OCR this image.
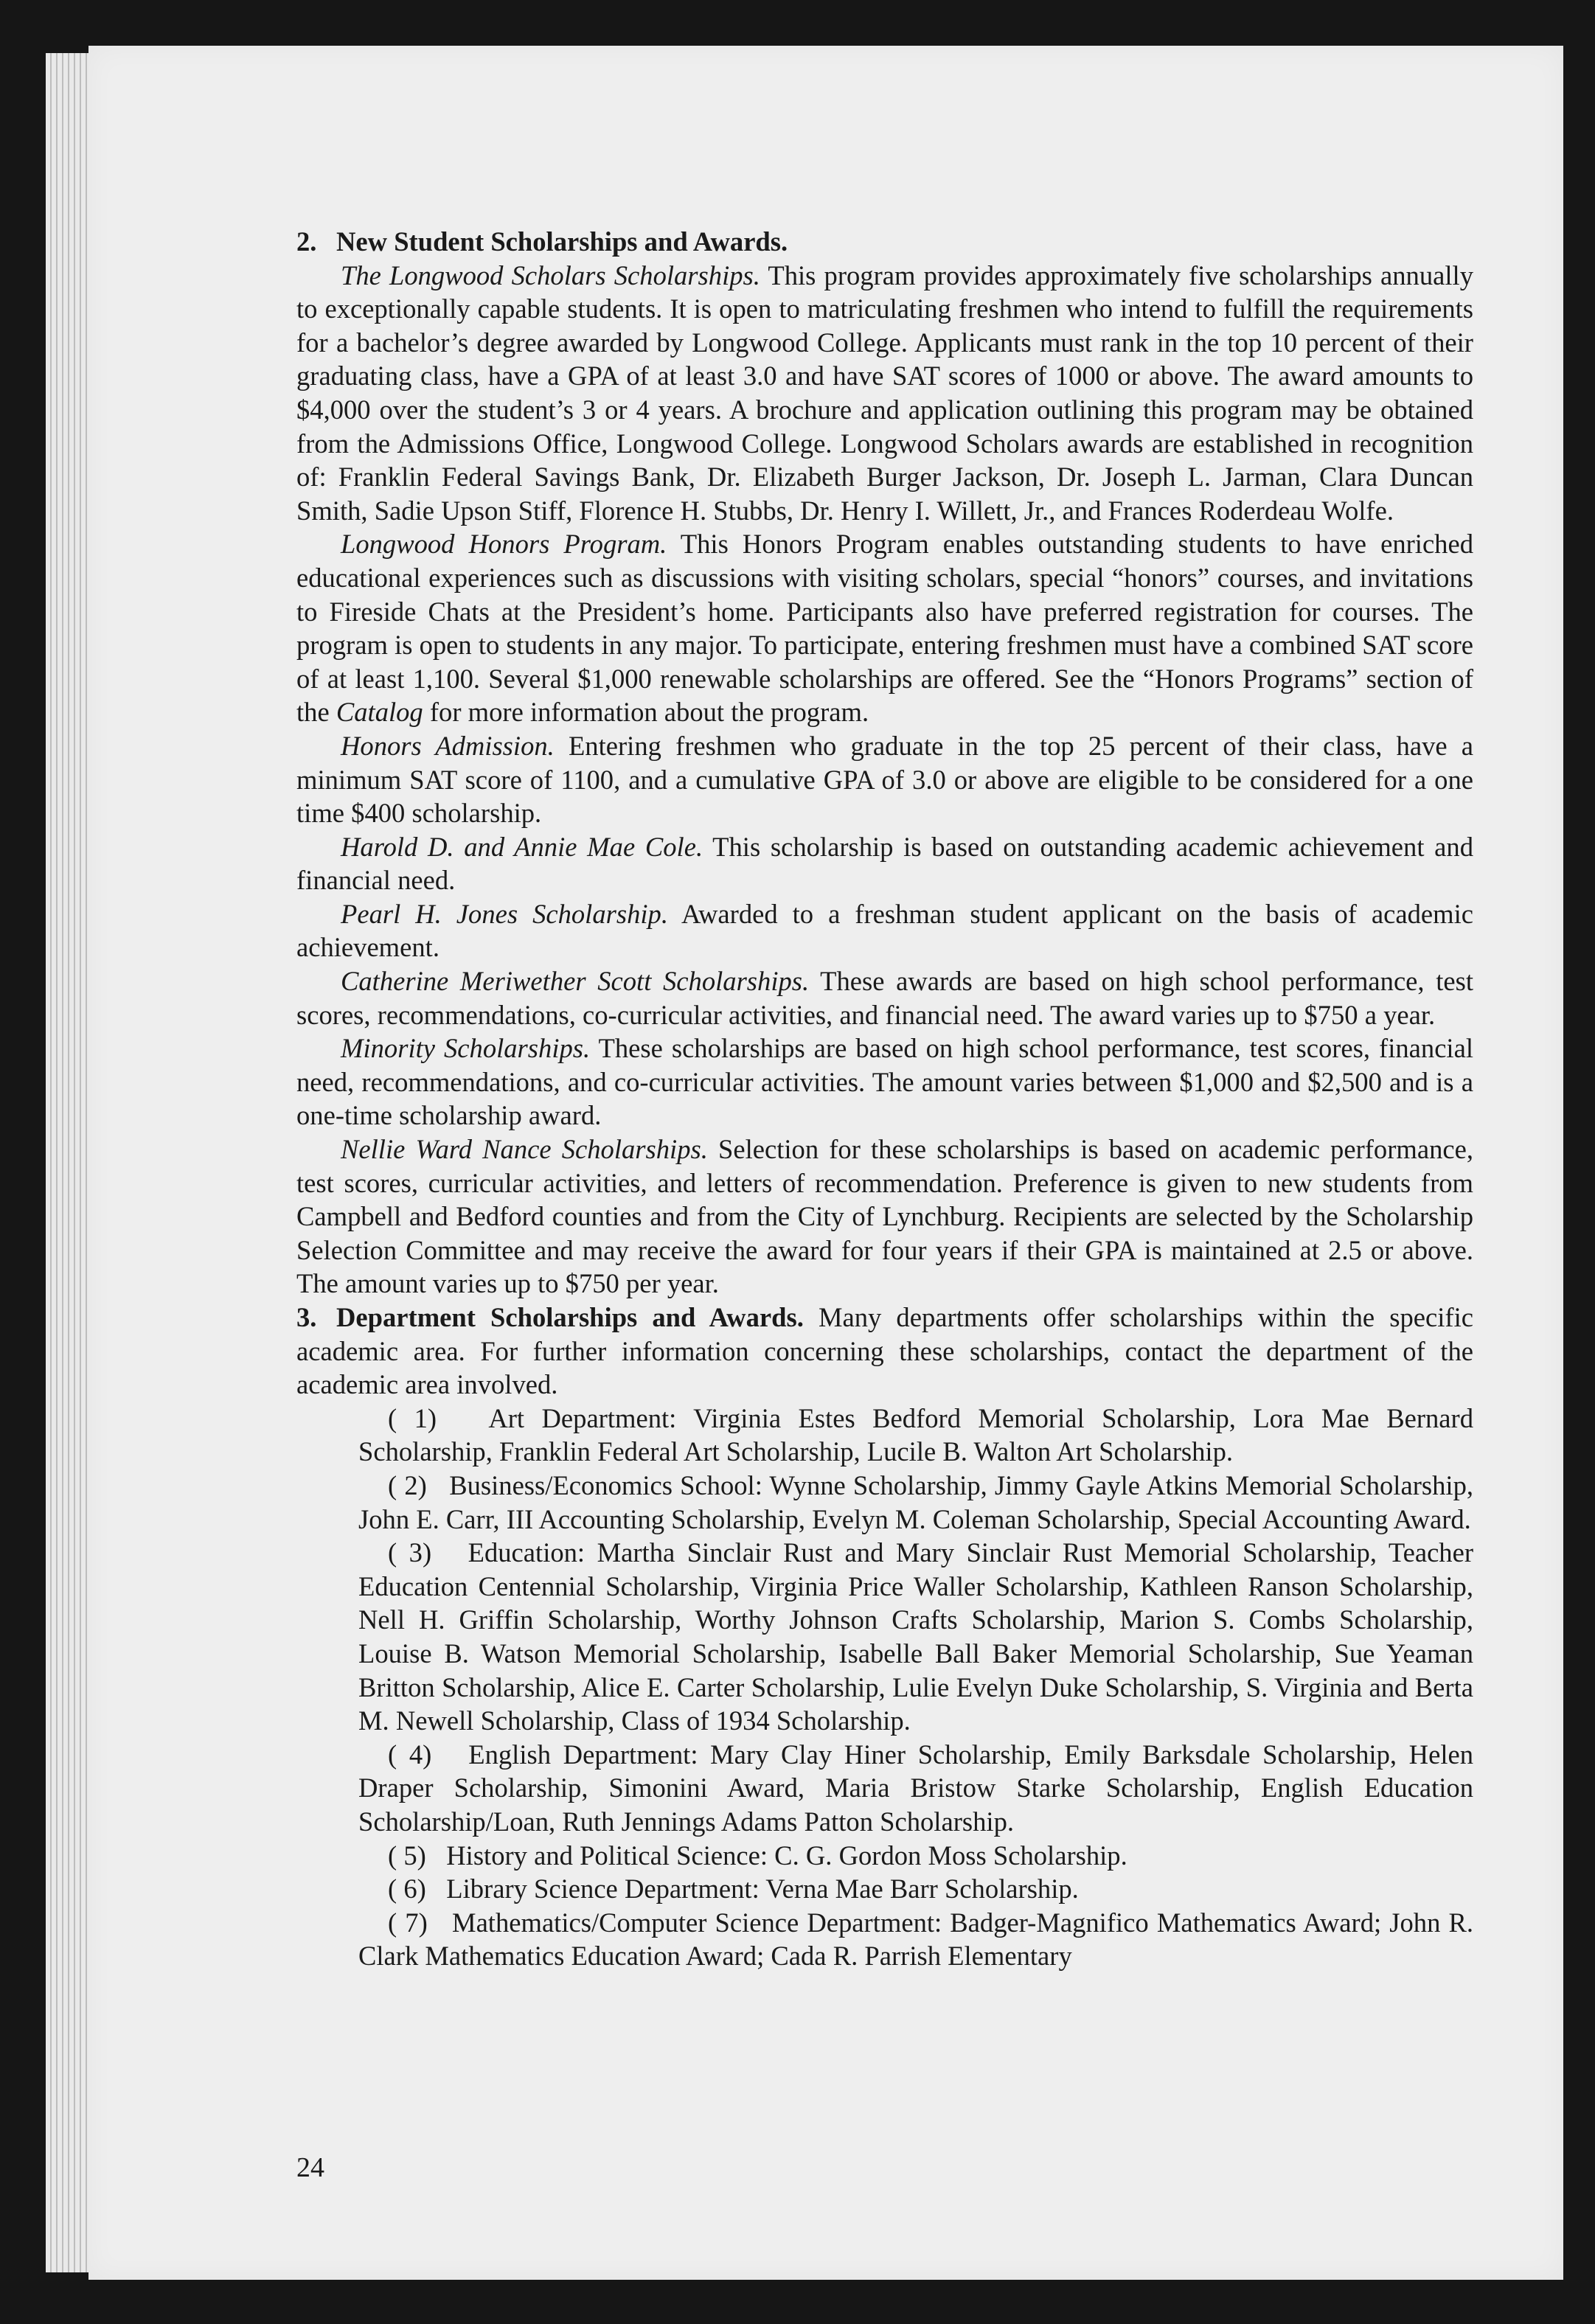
2. New Student Scholarships and Awards.

The Longwood Scholars Scholarships. This program provides approximately five scholarships annually to exceptionally capable students. It is open to matriculating freshmen who intend to fulfill the requirements for a bachelor’s degree awarded by Longwood College. Applicants must rank in the top 10 percent of their graduating class, have a GPA of at least 3.0 and have SAT scores of 1000 or above. The award amounts to $4,000 over the student’s 3 or 4 years. A brochure and application outlining this program may be obtained from the Admissions Office, Longwood College. Longwood Scholars awards are established in recognition of: Franklin Federal Savings Bank, Dr. Elizabeth Burger Jackson, Dr. Joseph L. Jarman, Clara Duncan Smith, Sadie Upson Stiff, Florence H. Stubbs, Dr. Henry I. Willett, Jr., and Frances Roderdeau Wolfe.

Longwood Honors Program. This Honors Program enables outstanding students to have enriched educational experiences such as discussions with visiting scholars, special “honors” courses, and invitations to Fireside Chats at the President’s home. Participants also have preferred registration for courses. The program is open to students in any major. To participate, entering freshmen must have a combined SAT score of at least 1,100. Several $1,000 renewable scholarships are offered. See the “Honors Programs” section of the Catalog for more information about the program.

Honors Admission. Entering freshmen who graduate in the top 25 percent of their class, have a minimum SAT score of 1100, and a cumulative GPA of 3.0 or above are eligible to be considered for a one time $400 scholarship.

Harold D. and Annie Mae Cole. This scholarship is based on outstanding academic achievement and financial need.

Pearl H. Jones Scholarship. Awarded to a freshman student applicant on the basis of academic achievement.

Catherine Meriwether Scott Scholarships. These awards are based on high school performance, test scores, recommendations, co-curricular activities, and financial need. The award varies up to $750 a year.

Minority Scholarships. These scholarships are based on high school performance, test scores, financial need, recommendations, and co-curricular activities. The amount varies between $1,000 and $2,500 and is a one-time scholarship award.

Nellie Ward Nance Scholarships. Selection for these scholarships is based on academic performance, test scores, curricular activities, and letters of recommendation. Preference is given to new students from Campbell and Bedford counties and from the City of Lynchburg. Recipients are selected by the Scholarship Selection Committee and may receive the award for four years if their GPA is maintained at 2.5 or above. The amount varies up to $750 per year.

3. Department Scholarships and Awards. Many departments offer scholarships within the specific academic area. For further information concerning these scholarships, contact the department of the academic area involved.

( 1) Art Department: Virginia Estes Bedford Memorial Scholarship, Lora Mae Bernard Scholarship, Franklin Federal Art Scholarship, Lucile B. Walton Art Scholarship.

( 2) Business/Economics School: Wynne Scholarship, Jimmy Gayle Atkins Memorial Scholarship, John E. Carr, III Accounting Scholarship, Evelyn M. Coleman Scholarship, Special Accounting Award.

( 3) Education: Martha Sinclair Rust and Mary Sinclair Rust Memorial Scholarship, Teacher Education Centennial Scholarship, Virginia Price Waller Scholarship, Kathleen Ranson Scholarship, Nell H. Griffin Scholarship, Worthy Johnson Crafts Scholarship, Marion S. Combs Scholarship, Louise B. Watson Memorial Scholarship, Isabelle Ball Baker Memorial Scholarship, Sue Yeaman Britton Scholarship, Alice E. Carter Scholarship, Lulie Evelyn Duke Scholarship, S. Virginia and Berta M. Newell Scholarship, Class of 1934 Scholarship.

( 4) English Department: Mary Clay Hiner Scholarship, Emily Barksdale Scholarship, Helen Draper Scholarship, Simonini Award, Maria Bristow Starke Scholarship, English Education Scholarship/Loan, Ruth Jennings Adams Patton Scholarship.

( 5) History and Political Science: C. G. Gordon Moss Scholarship.

( 6) Library Science Department: Verna Mae Barr Scholarship.

( 7) Mathematics/Computer Science Department: Badger-Magnifico Mathematics Award; John R. Clark Mathematics Education Award; Cada R. Parrish Elementary

24
